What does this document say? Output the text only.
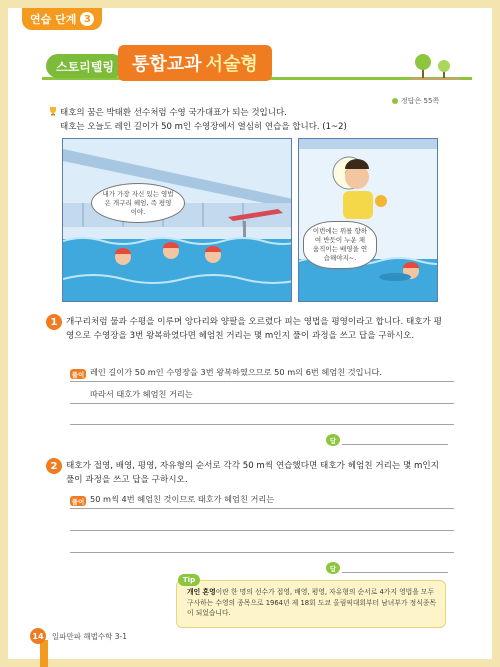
연습 단계 3
스토리텔링	통합교과 서술형
정답은 55쪽
태호의 꿈은 박태환 선수처럼 수영 국가대표가 되는 것입니다.
태호는 오늘도 레인 길이가 50 m인 수영장에서 열심히 연습을 합니다. (1~2)
내가 가장 자신 있는 영법은 개구리 헤엄, 즉 평영이야.
이번에는 위를 향하여 반듯이 누운 채 움직이는 배영을 연습해야지~.
1 개구리처럼 물과 수평을 이루며 앙다리와 양팔을 오르렸다 피는 영법을 평영이라고 합니다. 태호가 평영으로 수영장을 3번 왕복하였다면 헤엄친 거리는 몇 m인지 풀이 과정을 쓰고 답을 구하시오.
풀이 레인 길이가 50 m인 수영장을 3번 왕복하였으므로 50 m의 6번 헤엄친 것입니다.
따라서 태호가 헤엄친 거리는
답
2 태호가 접영, 배영, 평영, 자유형의 순서로 각각 50 m씩 연습했다면 태호가 헤엄친 거리는 몇 m인지 풀이 과정을 쓰고 답을 구하시오.
풀이 50 m씩 4번 헤엄친 것이므로 태호가 헤엄친 거리는
답
개인 혼영이란 한 명의 선수가 접영, 배영, 평영, 자유형의 순서로 4가지 영법을 모두 구사하는 수영의 종목으로 1964년 제 18회 도쿄 올림픽대회부터 남녀부가 정식종목이 되었습니다.
Tip
14	일파만파 해법수학 3-1
